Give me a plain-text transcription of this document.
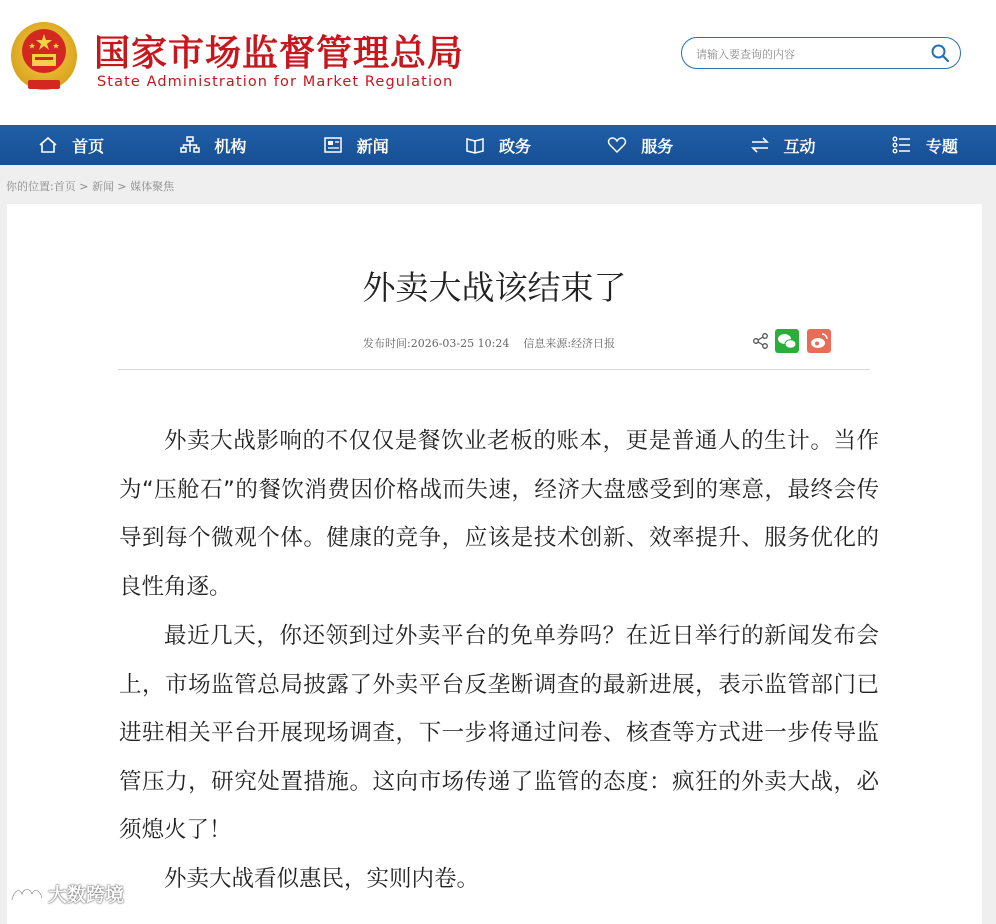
国家市场监督管理总局
State Administration for Market Regulation
请输入要查询的内容
首页	机构	新闻	政务	服务	互动	专题
你的位置:首页 > 新闻 > 媒体聚焦
外卖大战该结束了
发布时间:2026-03-25 10:24 信息来源:经济日报

外卖大战影响的不仅仅是餐饮业老板的账本，更是普通人的生计。当作为“压舱石”的餐饮消费因价格战而失速，经济大盘感受到的寒意，最终会传导到每个微观个体。健康的竞争，应该是技术创新、效率提升、服务优化的良性角逐。

最近几天，你还领到过外卖平台的免单券吗？在近日举行的新闻发布会上，市场监管总局披露了外卖平台反垄断调查的最新进展，表示监管部门已进驻相关平台开展现场调查，下一步将通过问卷、核查等方式进一步传导监管压力，研究处置措施。这向市场传递了监管的态度：疯狂的外卖大战，必须熄火了！

外卖大战看似惠民，实则内卷。

大数跨境
